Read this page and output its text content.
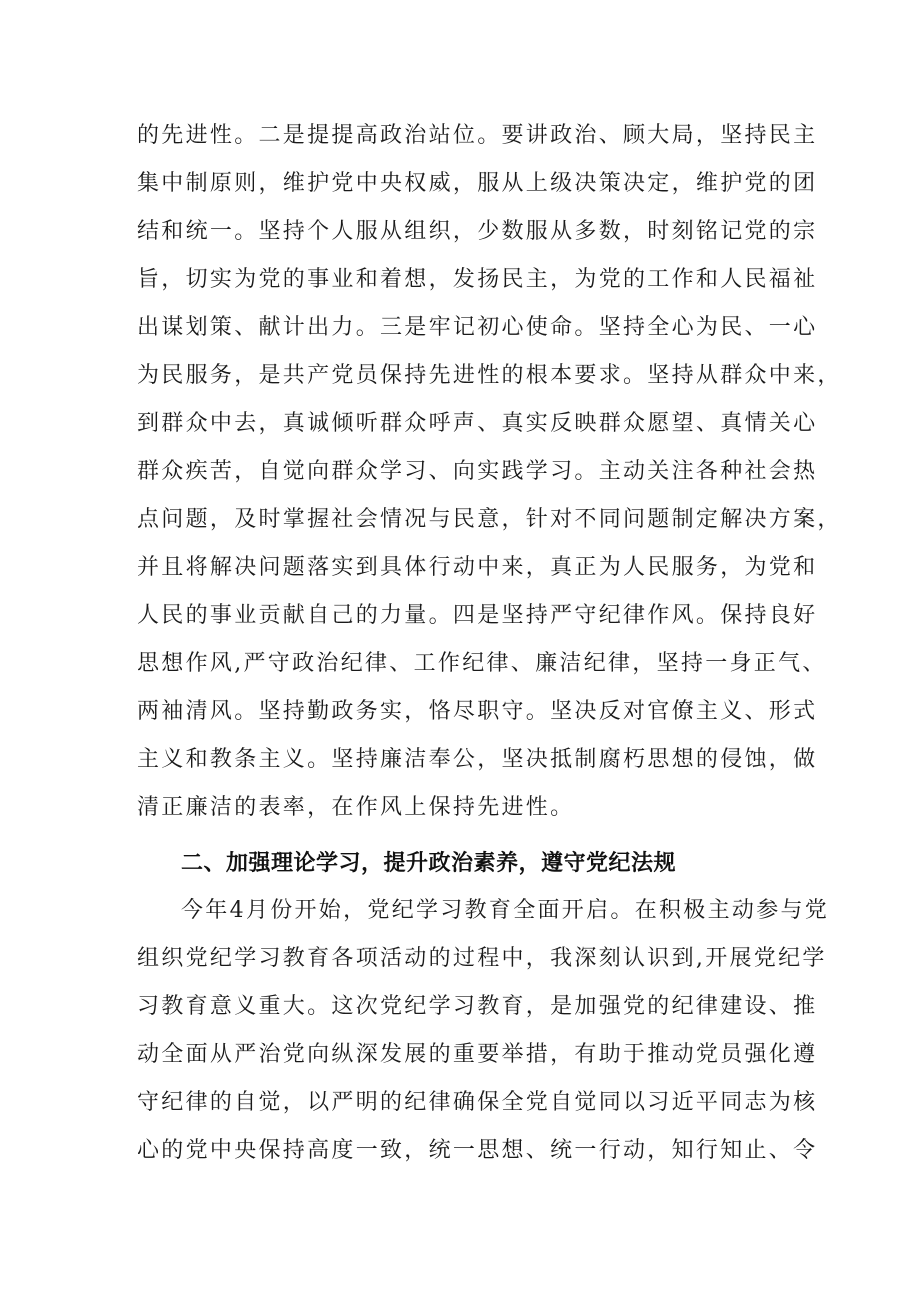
的先进性。二是提提高政治站位。要讲政治、顾大局，坚持民主
集中制原则，维护党中央权威，服从上级决策决定，维护党的团
结和统一。坚持个人服从组织，少数服从多数，时刻铭记党的宗
旨，切实为党的事业和着想，发扬民主，为党的工作和人民福祉
出谋划策、献计出力。三是牢记初心使命。坚持全心为民、一心
为民服务，是共产党员保持先进性的根本要求。坚持从群众中来，
到群众中去，真诚倾听群众呼声、真实反映群众愿望、真情关心
群众疾苦，自觉向群众学习、向实践学习。主动关注各种社会热
点问题，及时掌握社会情况与民意，针对不同问题制定解决方案，
并且将解决问题落实到具体行动中来，真正为人民服务，为党和
人民的事业贡献自己的力量。四是坚持严守纪律作风。保持良好
思想作风,严守政治纪律、工作纪律、廉洁纪律，坚持一身正气、
两袖清风。坚持勤政务实，恪尽职守。坚决反对官僚主义、形式
主义和教条主义。坚持廉洁奉公，坚决抵制腐朽思想的侵蚀，做
清正廉洁的表率，在作风上保持先进性。
二、加强理论学习，提升政治素养，遵守党纪法规
今年4月份开始，党纪学习教育全面开启。在积极主动参与党
组织党纪学习教育各项活动的过程中，我深刻认识到,开展党纪学
习教育意义重大。这次党纪学习教育，是加强党的纪律建设、推
动全面从严治党向纵深发展的重要举措，有助于推动党员强化遵
守纪律的自觉，以严明的纪律确保全党自觉同以习近平同志为核
心的党中央保持高度一致，统一思想、统一行动，知行知止、令
